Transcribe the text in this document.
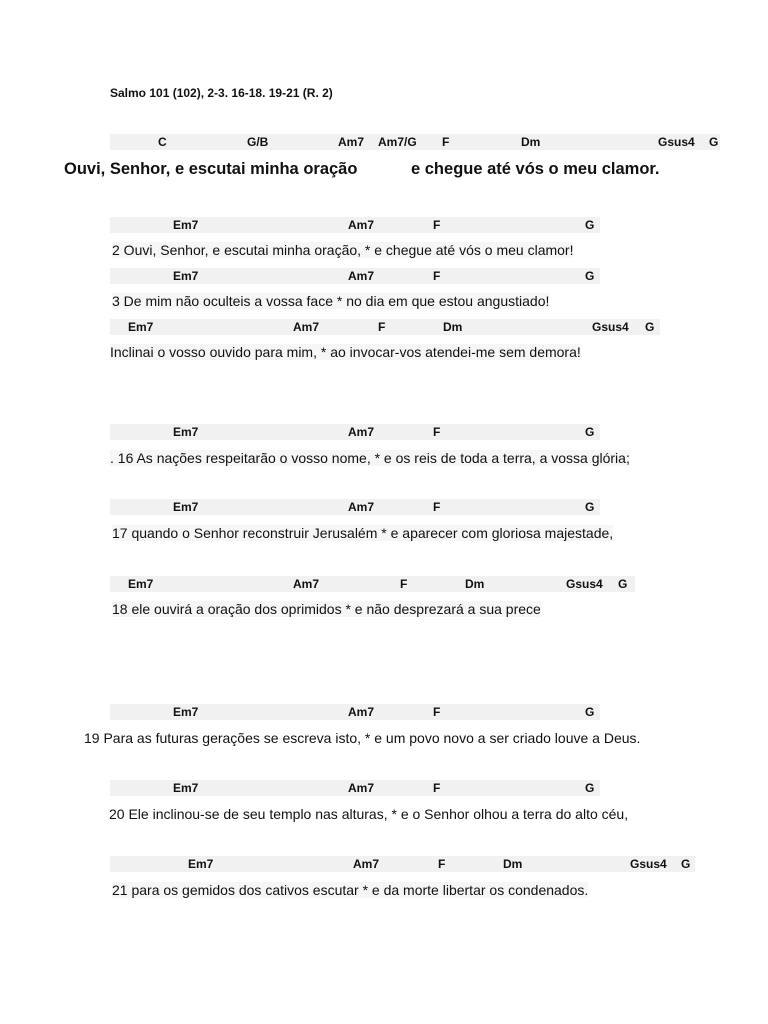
Salmo 101 (102), 2-3. 16-18. 19-21 (R. 2)
C	G/B	Am7 Am7/G F	Dm	Gsus4 G
Ouvi, Senhor, e escutai minha oração	e chegue até vós o meu clamor.
Em7	Am7	F	G
2 Ouvi, Senhor, e escutai minha oração, * e chegue até vós o meu clamor!
Em7	Am7	F	G
3 De mim não oculteis a vossa face * no dia em que estou angustiado!
Em7	Am7	F	Dm	Gsus4 G
Inclinai o vosso ouvido para mim, * ao invocar-vos atendei-me sem demora!
Em7	Am7	F	G
. 16 As nações respeitarão o vosso nome, * e os reis de toda a terra, a vossa glória;
Em7	Am7	F	G
17 quando o Senhor reconstruir Jerusalém * e aparecer com gloriosa majestade,
Em7	Am7	F	Dm	Gsus4 G
18 ele ouvirá a oração dos oprimidos * e não desprezará a sua prece
Em7	Am7	F	G
19 Para as futuras gerações se escreva isto, * e um povo novo a ser criado louve a Deus.
Em7	Am7	F	G
20 Ele inclinou-se de seu templo nas alturas, * e o Senhor olhou a terra do alto céu,
Em7	Am7	F	Dm	Gsus4 G
21 para os gemidos dos cativos escutar * e da morte libertar os condenados.
